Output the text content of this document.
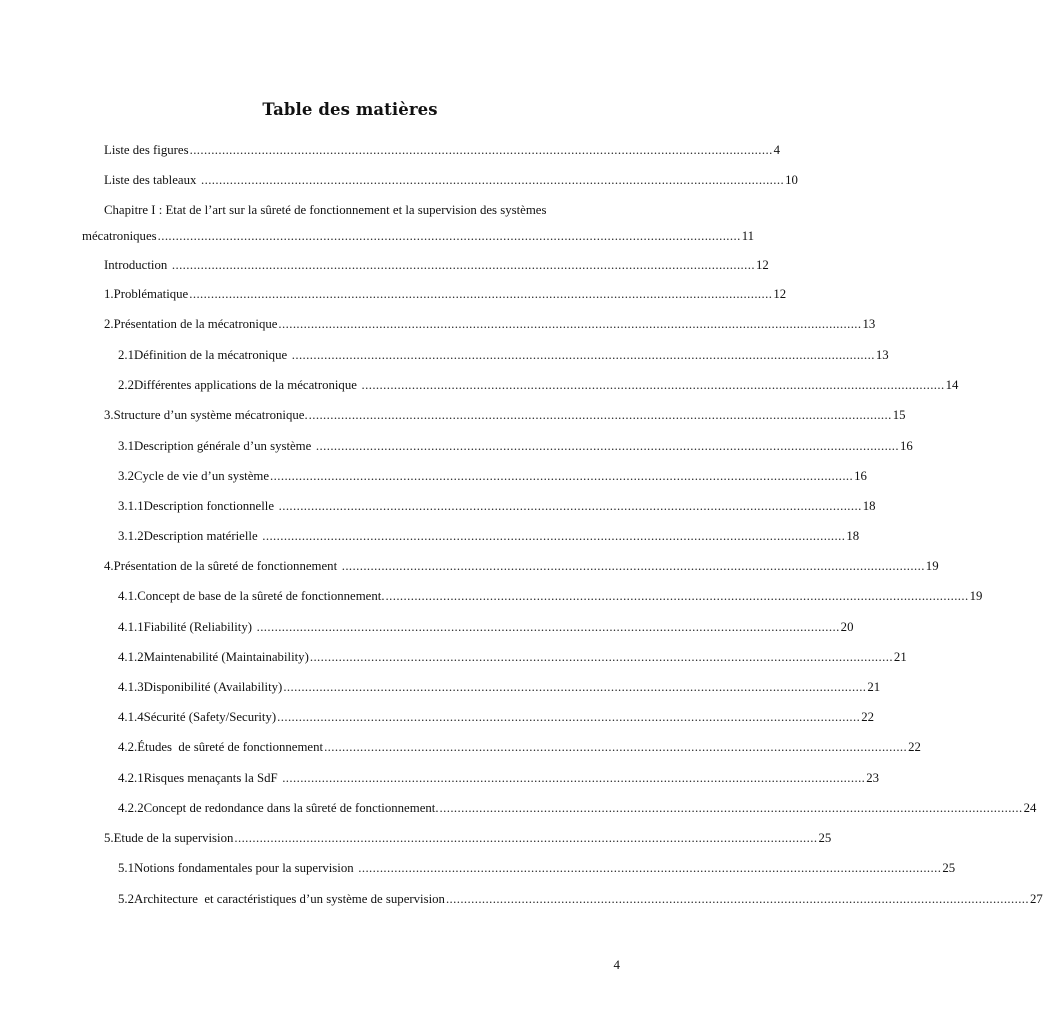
Table des matières
Liste des figures .................................................................................................................................................................. 4
Liste des tableaux .................................................................................................................................................................. 10
Chapitre I : Etat de l’art sur la sûreté de fonctionnement et la supervision des systèmes
mécatroniques .................................................................................................................................................................. 11
Introduction .................................................................................................................................................................. 12
1. Problématique .................................................................................................................................................................. 12
2. Présentation de la mécatronique .................................................................................................................................................................. 13
2.1 Définition de la mécatronique .................................................................................................................................................................. 13
2.2 Différentes applications de la mécatronique .................................................................................................................................................................. 14
3. Structure d’un système mécatronique. .................................................................................................................................................................. 15
3.1 Description générale d’un système .................................................................................................................................................................. 16
3.2 Cycle de vie d’un système .................................................................................................................................................................. 16
3.1.1 Description fonctionnelle .................................................................................................................................................................. 18
3.1.2 Description matérielle .................................................................................................................................................................. 18
4. Présentation de la sûreté de fonctionnement .................................................................................................................................................................. 19
4.1. Concept de base de la sûreté de fonctionnement. .................................................................................................................................................................. 19
4.1.1 Fiabilité (Reliability) .................................................................................................................................................................. 20
4.1.2 Maintenabilité (Maintainability) .................................................................................................................................................................. 21
4.1.3 Disponibilité (Availability) .................................................................................................................................................................. 21
4.1.4 Sécurité (Safety/Security) .................................................................................................................................................................. 22
4.2. Études  de sûreté de fonctionnement .................................................................................................................................................................. 22
4.2.1 Risques menaçants la SdF .................................................................................................................................................................. 23
4.2.2 Concept de redondance dans la sûreté de fonctionnement. .................................................................................................................................................................. 24
5. Etude de la supervision .................................................................................................................................................................. 25
5.1 Notions fondamentales pour la supervision .................................................................................................................................................................. 25
5.2 Architecture  et caractéristiques d’un système de supervision .................................................................................................................................................................. 27
4
